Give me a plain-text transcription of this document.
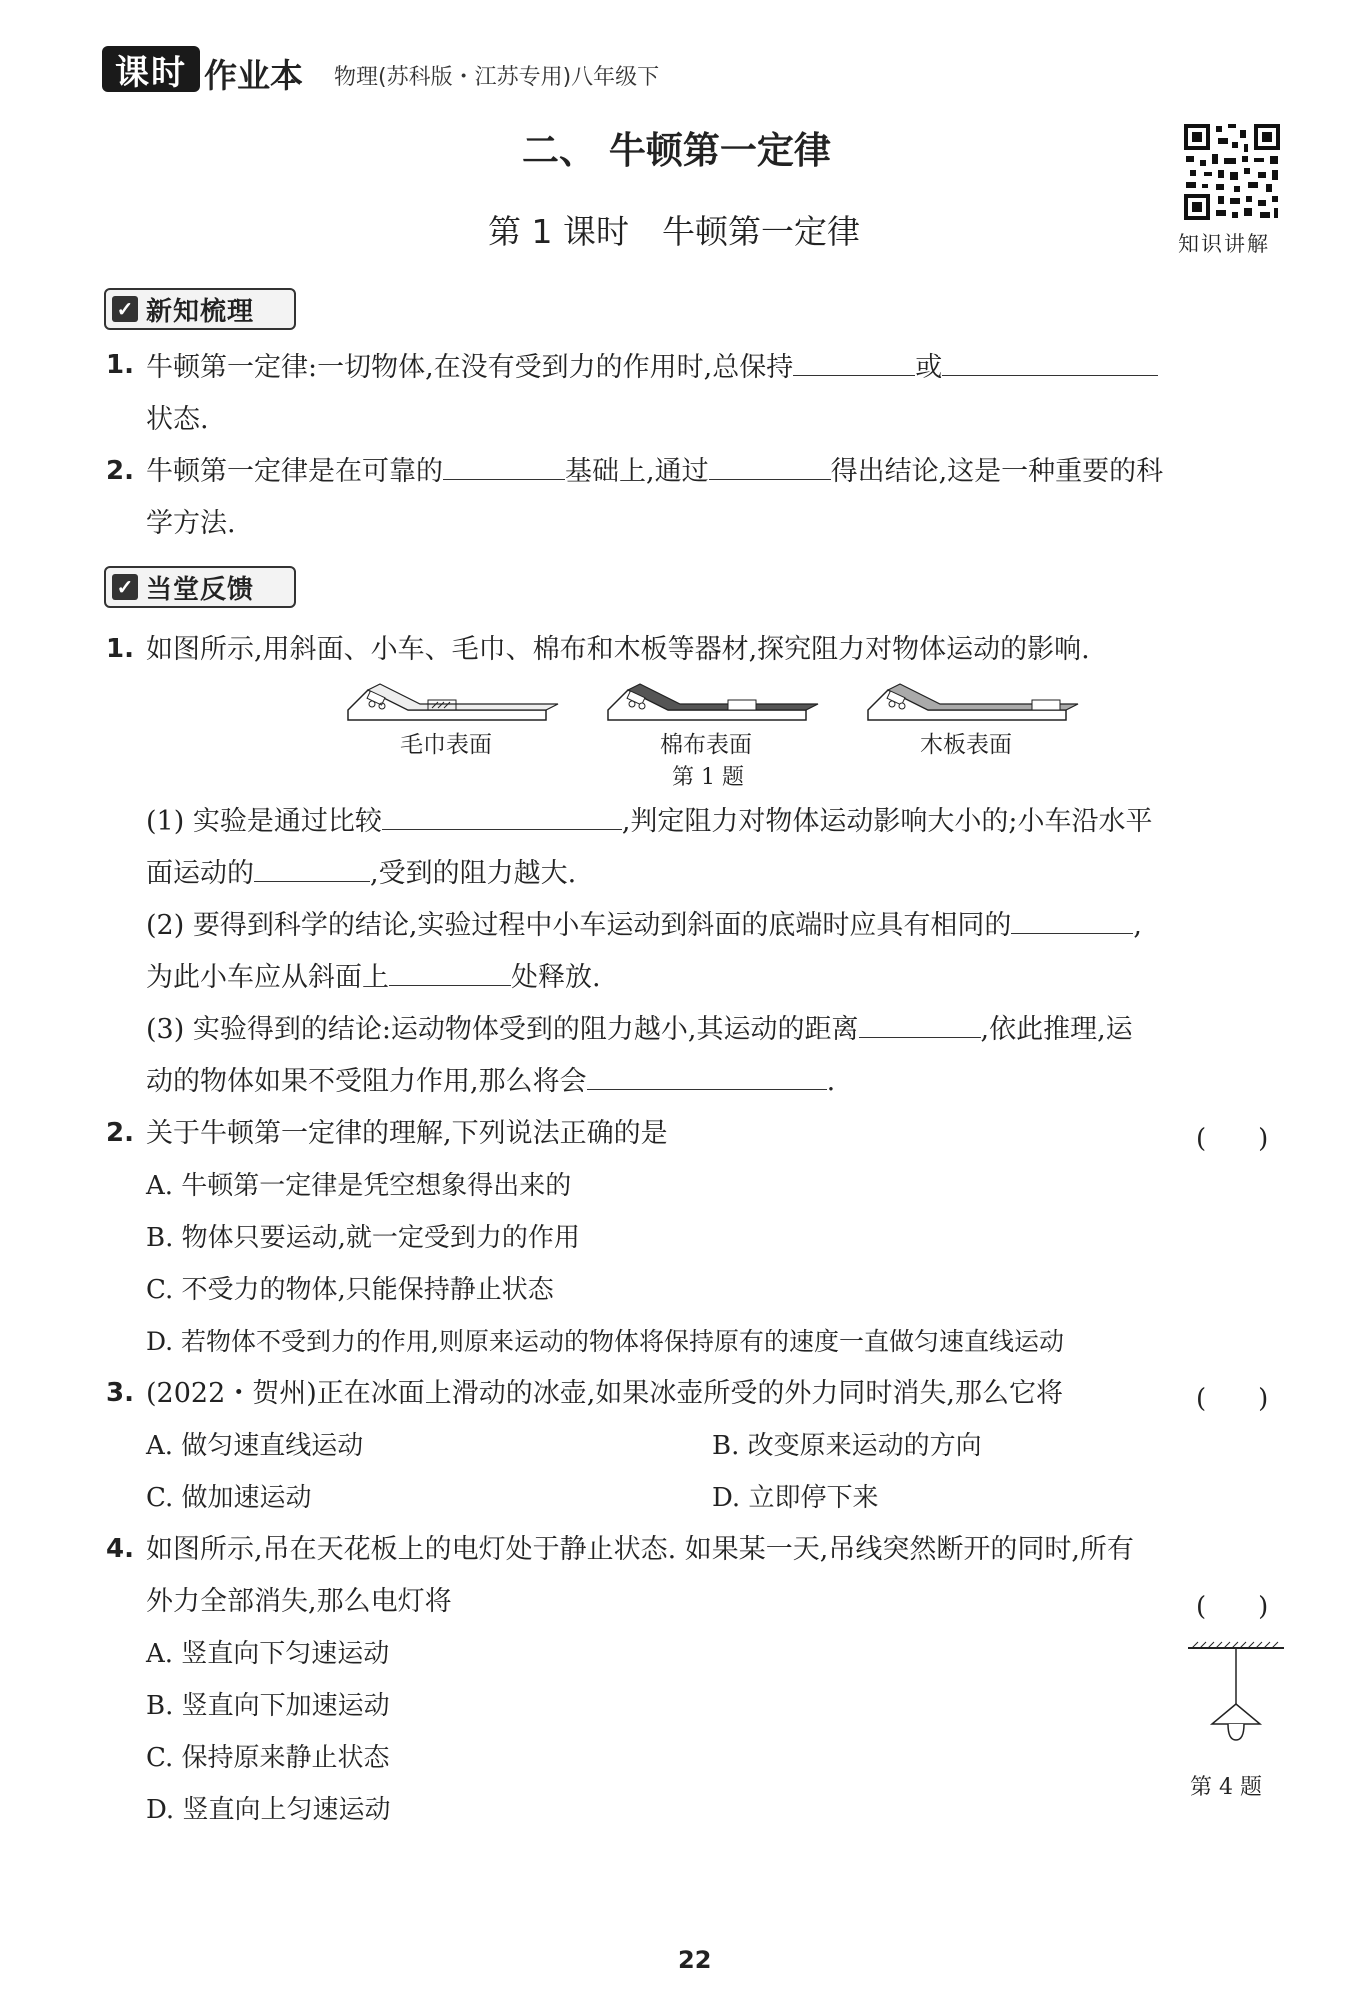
课时 作业本 物理(苏科版・江苏专用)八年级下
二、 牛顿第一定律
第 1 课时　牛顿第一定律	知识讲解
✓ 新知梳理
1. 牛顿第一定律:一切物体,在没有受到力的作用时,总保持	或
状态.
2. 牛顿第一定律是在可靠的	基础上,通过	得出结论,这是一种重要的科
学方法.
✓ 当堂反馈
1. 如图所示,用斜面、小车、毛巾、棉布和木板等器材,探究阻力对物体运动的影响.
毛巾表面	棉布表面	木板表面
第 1 题
(1) 实验是通过比较	,判定阻力对物体运动影响大小的;小车沿水平
面运动的	,受到的阻力越大.
(2) 要得到科学的结论,实验过程中小车运动到斜面的底端时应具有相同的	,
为此小车应从斜面上	处释放.
(3) 实验得到的结论:运动物体受到的阻力越小,其运动的距离	,依此推理,运
动的物体如果不受阻力作用,那么将会	.
2. 关于牛顿第一定律的理解,下列说法正确的是	(　　)
A. 牛顿第一定律是凭空想象得出来的
B. 物体只要运动,就一定受到力的作用
C. 不受力的物体,只能保持静止状态
D. 若物体不受到力的作用,则原来运动的物体将保持原有的速度一直做匀速直线运动
3. (2022・贺州)正在冰面上滑动的冰壶,如果冰壶所受的外力同时消失,那么它将	(　　)
A. 做匀速直线运动	B. 改变原来运动的方向
C. 做加速运动	D. 立即停下来
4. 如图所示,吊在天花板上的电灯处于静止状态. 如果某一天,吊线突然断开的同时,所有
外力全部消失,那么电灯将	(　　)
A. 竖直向下匀速运动
B. 竖直向下加速运动
C. 保持原来静止状态
D. 竖直向上匀速运动
第 4 题
22
